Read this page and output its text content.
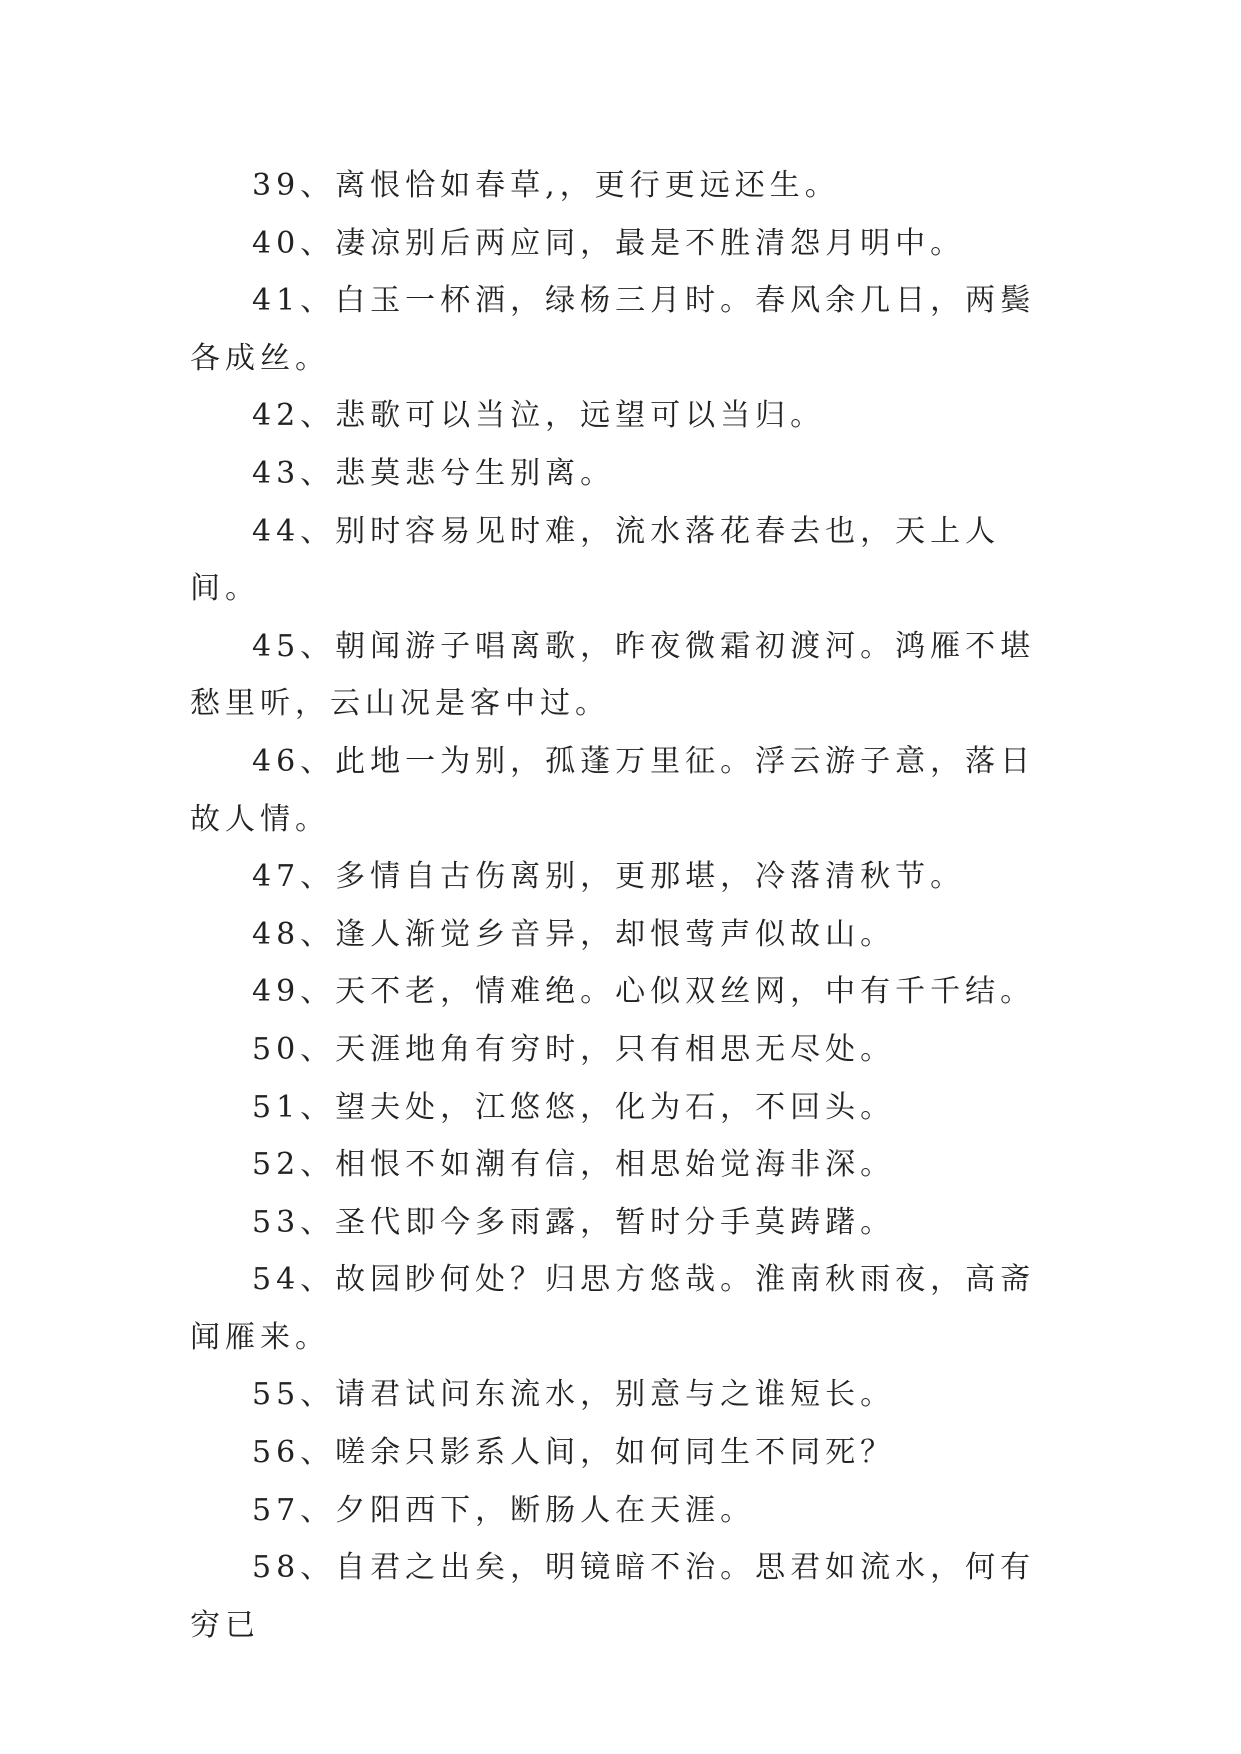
39、离恨恰如春草,，更行更远还生。

40、凄凉别后两应同，最是不胜清怨月明中。

41、白玉一杯酒，绿杨三月时。春风余几日，两鬓各成丝。

42、悲歌可以当泣，远望可以当归。

43、悲莫悲兮生别离。

44、别时容易见时难，流水落花春去也，天上人间。

45、朝闻游子唱离歌，昨夜微霜初渡河。鸿雁不堪愁里听，云山况是客中过。

46、此地一为别，孤蓬万里征。浮云游子意，落日故人情。

47、多情自古伤离别，更那堪，冷落清秋节。

48、逢人渐觉乡音异，却恨莺声似故山。

49、天不老，情难绝。心似双丝网，中有千千结。

50、天涯地角有穷时，只有相思无尽处。

51、望夫处，江悠悠，化为石，不回头。

52、相恨不如潮有信，相思始觉海非深。

53、圣代即今多雨露，暂时分手莫踌躇。

54、故园眇何处？归思方悠哉。淮南秋雨夜，高斋闻雁来。

55、请君试问东流水，别意与之谁短长。

56、嗟余只影系人间，如何同生不同死？

57、夕阳西下，断肠人在天涯。

58、自君之出矣，明镜暗不治。思君如流水，何有穷已
